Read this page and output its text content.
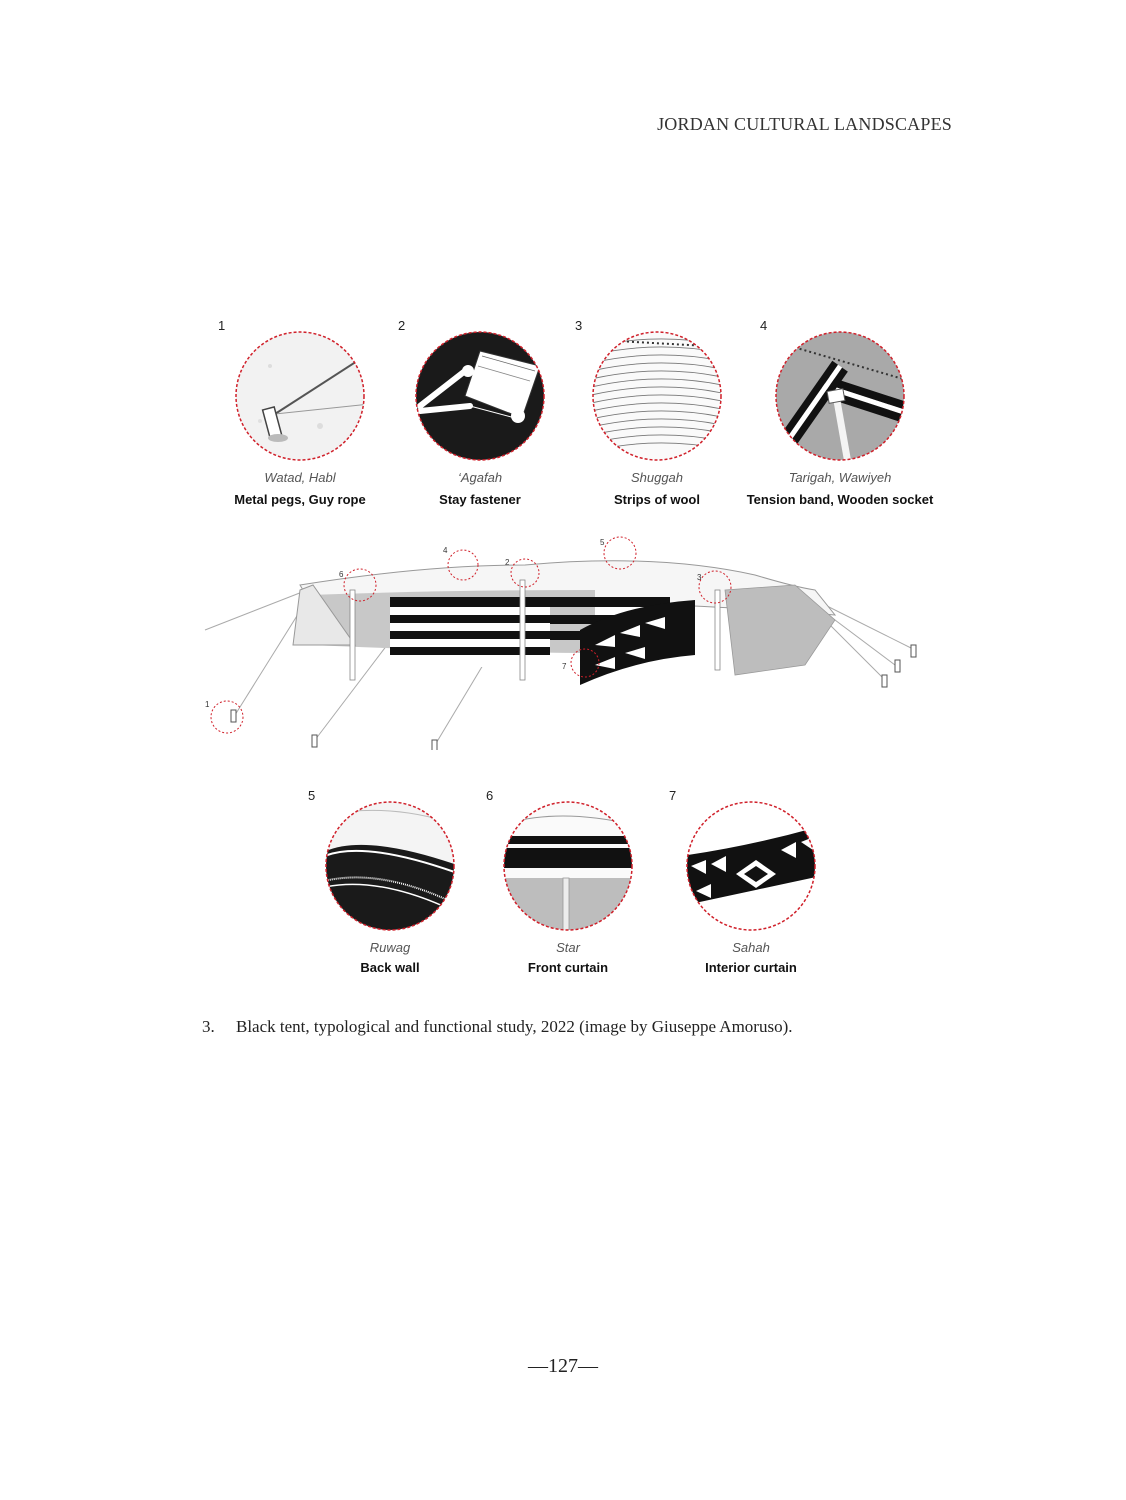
JORDAN CULTURAL LANDSCAPES
1
Watad, Habl
Metal pegs, Guy rope
2
‘Agafah
Stay fastener
3
Shuggah
Strips of wool
4
Tarigah, Wawiyeh
Tension band, Wooden socket
1
2
3
4
5
6
7
5
Ruwag
Back wall
6
Star
Front curtain
7
Sahah
Interior curtain
3. Black tent, typological and functional study, 2022 (image by Giuseppe Amoruso).
—127—
